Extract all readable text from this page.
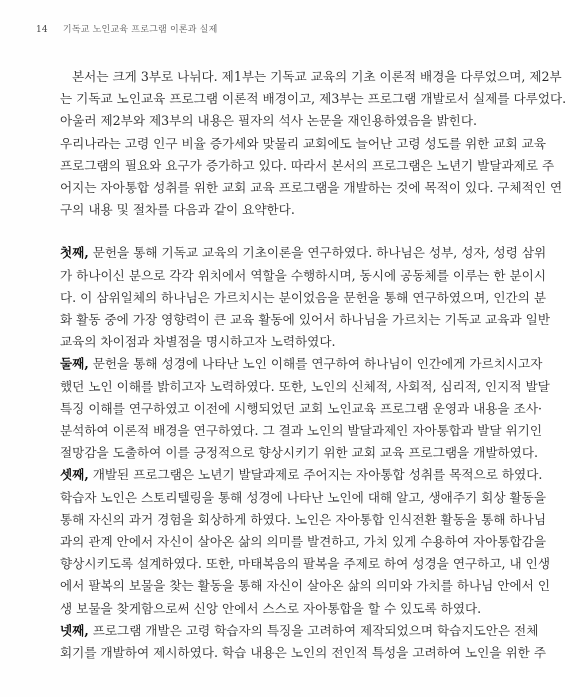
14 기독교 노인교육 프로그램 이론과 실제
본서는 크게 3부로 나뉘다. 제1부는 기독교 교육의 기초 이론적 배경을 다루었으며, 제2부
는 기독교 노인교육 프로그램 이론적 배경이고, 제3부는 프로그램 개발로서 실제를 다루었다.
아울러 제2부와 제3부의 내용은 필자의 석사 논문을 재인용하였음을 밝힌다.
우리나라는 고령 인구 비율 증가세와 맞물리 교회에도 늘어난 고령 성도를 위한 교회 교육
프로그램의 필요와 요구가 증가하고 있다. 따라서 본서의 프로그램은 노년기 발달과제로 주
어지는 자아통합 성취를 위한 교회 교육 프로그램을 개발하는 것에 목적이 있다. 구체적인 연
구의 내용 및 절차를 다음과 같이 요약한다.
첫째, 문헌을 통해 기독교 교육의 기초이론을 연구하였다. 하나님은 성부, 성자, 성령 삼위
가 하나이신 분으로 각각 위치에서 역할을 수행하시며, 동시에 공동체를 이루는 한 분이시
다. 이 삼위일체의 하나님은 가르치시는 분이었음을 문헌을 통해 연구하였으며, 인간의 분
화 활동 중에 가장 영향력이 큰 교육 활동에 있어서 하나님을 가르치는 기독교 교육과 일반
교육의 차이점과 차별점을 명시하고자 노력하였다.
둘째, 문헌을 통해 성경에 나타난 노인 이해를 연구하여 하나님이 인간에게 가르치시고자
했던 노인 이해를 밝히고자 노력하였다. 또한, 노인의 신체적, 사회적, 심리적, 인지적 발달
특징 이해를 연구하였고 이전에 시행되었던 교회 노인교육 프로그램 운영과 내용을 조사·
분석하여 이론적 배경을 연구하였다. 그 결과 노인의 발달과제인 자아통합과 발달 위기인
절망감을 도출하여 이를 긍정적으로 향상시키기 위한 교회 교육 프로그램을 개발하였다.
셋째, 개발된 프로그램은 노년기 발달과제로 주어지는 자아통합 성취를 목적으로 하였다.
학습자 노인은 스토리텔링을 통해 성경에 나타난 노인에 대해 알고, 생애주기 회상 활동을
통해 자신의 과거 경험을 회상하게 하였다. 노인은 자아통합 인식전환 활동을 통해 하나님
과의 관계 안에서 자신이 살아온 삶의 의미를 발견하고, 가치 있게 수용하여 자아통합감을
향상시키도록 설계하였다. 또한, 마태복음의 팔복을 주제로 하여 성경을 연구하고, 내 인생
에서 팔복의 보물을 찾는 활동을 통해 자신이 살아온 삶의 의미와 가치를 하나님 안에서 인
생 보물을 찾게함으로써 신앙 안에서 스스로 자아통합을 할 수 있도록 하였다.
넷째, 프로그램 개발은 고령 학습자의 특징을 고려하여 제작되었으며 학습지도안은 전체
회기를 개발하여 제시하였다. 학습 내용은 노인의 전인적 특성을 고려하여 노인을 위한 주
